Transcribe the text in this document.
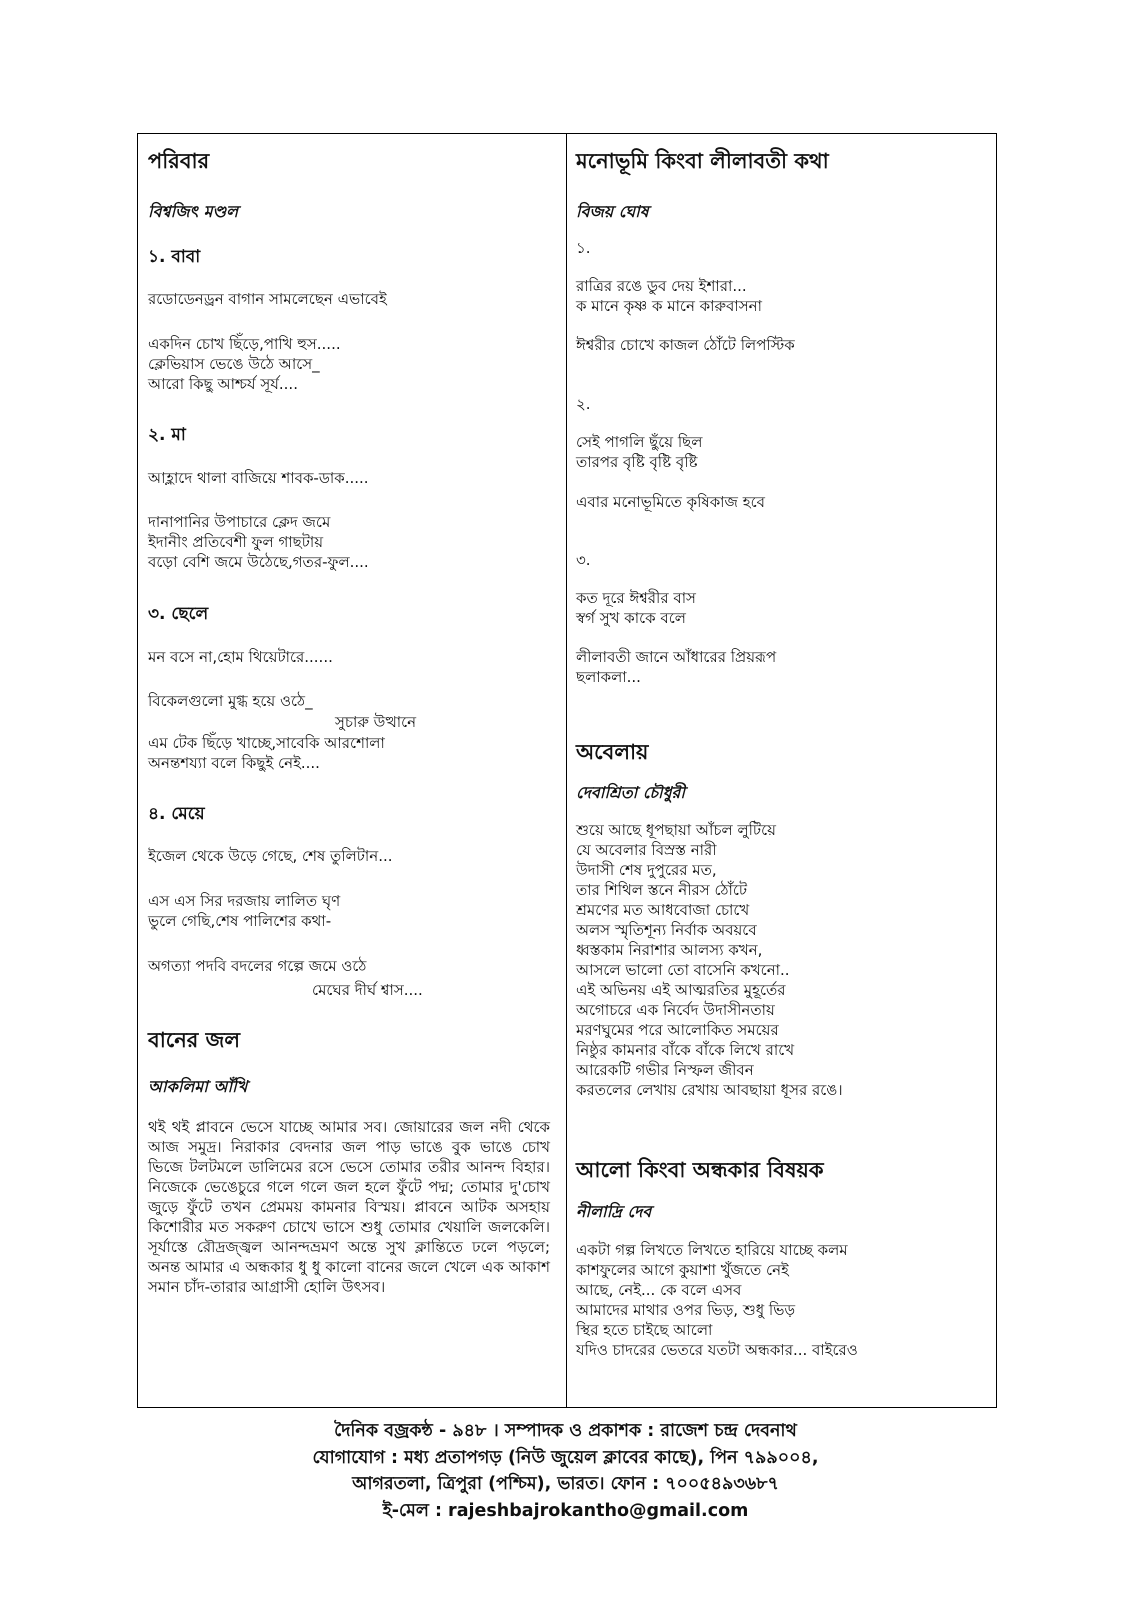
পরিবার
বিশ্বজিৎ মণ্ডল
১. বাবা
রডোডেনড্রন বাগান সামলেছেন এভাবেই
একদিন চোখ ছিঁড়ে,পাখি হুস.....
ক্লেভিয়াস ভেঙে উঠে আসে_
আরো কিছু আশ্চর্য সূর্য....
২. মা
আহ্লাদে থালা বাজিয়ে শাবক-ডাক.....
দানাপানির উপাচারে ক্লেদ জমে
ইদানীং প্রতিবেশী ফুল গাছটায়
বড়ো বেশি জমে উঠেছে,গতর-ফুল....
৩. ছেলে
মন বসে না,হোম থিয়েটারে......
বিকেলগুলো মুগ্ধ হয়ে ওঠে_
সুচারু উত্থানে
এম টেক ছিঁড়ে খাচ্ছে,সাবেকি আরশোলা
অনন্তশয্যা বলে কিছুই নেই....
৪. মেয়ে
ইজেল থেকে উড়ে গেছে, শেষ তুলিটান...
এস এস সির দরজায় লালিত ঘৃণ
ভুলে গেছি,শেষ পালিশের কথা-
অগত্যা পদবি বদলের গল্পে জমে ওঠে
মেঘের দীর্ঘ শ্বাস....
বানের জল
আকলিমা আঁখি
থই থই প্লাবনে ভেসে যাচ্ছে আমার সব। জোয়ারের জল নদী থেকে আজ সমুদ্র। নিরাকার বেদনার জল পাড় ভাঙে বুক ভাঙে চোখ ভিজে টলটমলে ডালিমের রসে ভেসে তোমার তরীর আনন্দ বিহার। নিজেকে ভেঙেচুরে গলে গলে জল হলে ফুঁটে পদ্ম; তোমার দু'চোখ জুড়ে ফুঁটে তখন প্রেমময় কামনার বিস্ময়। প্লাবনে আটক অসহায় কিশোরীর মত সকরুণ চোখে ভাসে শুধু তোমার খেয়ালি জলকেলি। সূর্যাস্তে রৌদ্রজ্জ্বল আনন্দভ্রমণ অন্তে সুখ ক্লান্তিতে ঢলে পড়লে; অনন্ত আমার এ অন্ধকার ধু ধু কালো বানের জলে খেলে এক আকাশ সমান চাঁদ-তারার আগ্রাসী হোলি উৎসব।
মনোভূমি কিংবা লীলাবতী কথা
বিজয় ঘোষ
১.
রাত্রির রঙে ডুব দেয় ইশারা...
ক মানে কৃষ্ণ ক মানে কারুবাসনা
ঈশ্বরীর চোখে কাজল ঠোঁটে লিপস্টিক
২.
সেই পাগলি ছুঁয়ে ছিল
তারপর বৃষ্টি বৃষ্টি বৃষ্টি
এবার মনোভূমিতে কৃষিকাজ হবে
৩.
কত দূরে ঈশ্বরীর বাস
স্বর্গ সুখ কাকে বলে
লীলাবতী জানে আঁধারের প্রিয়রূপ
ছলাকলা...
অবেলায়
দেবাশ্রিতা চৌধুরী
শুয়ে আছে ধূপছায়া আঁচল লুটিয়ে
যে অবেলার বিস্রস্ত নারী
উদাসী শেষ দুপুরের মত,
তার শিথিল স্তনে নীরস ঠোঁটে
শ্রমণের মত আধবোজা চোখে
অলস স্মৃতিশূন্য নির্বাক অবয়বে
ধ্বস্তকাম নিরাশার আলস্য কখন,
আসলে ভালো তো বাসেনি কখনো..
এই অভিনয় এই আত্মরতির মুহূর্তের
অগোচরে এক নির্বেদ উদাসীনতায়
মরণঘুমের পরে আলোকিত সময়ের
নিষ্ঠুর কামনার বাঁকে বাঁকে লিখে রাখে
আরেকটি গভীর নিস্ফল জীবন
করতলের লেখায় রেখায় আবছায়া ধূসর রঙে।
আলো কিংবা অন্ধকার বিষয়ক
নীলাদ্রি দেব
একটা গল্প লিখতে লিখতে হারিয়ে যাচ্ছে কলম
কাশফুলের আগে কুয়াশা খুঁজতে নেই
আছে, নেই... কে বলে এসব
আমাদের মাথার ওপর ভিড়, শুধু ভিড়
স্থির হতে চাইছে আলো
যদিও চাদরের ভেতরে যতটা অন্ধকার... বাইরেও
দৈনিক বজ্রকন্ঠ - ৯৪৮ । সম্পাদক ও প্রকাশক : রাজেশ চন্দ্র দেবনাথ
যোগাযোগ : মধ্য প্রতাপগড় (নিউ জুয়েল ক্লাবের কাছে), পিন ৭৯৯০০৪,
আগরতলা, ত্রিপুরা (পশ্চিম), ভারত। ফোন : ৭০০৫৪৯৩৬৮৭
ই-মেল : rajeshbajrokantho@gmail.com
